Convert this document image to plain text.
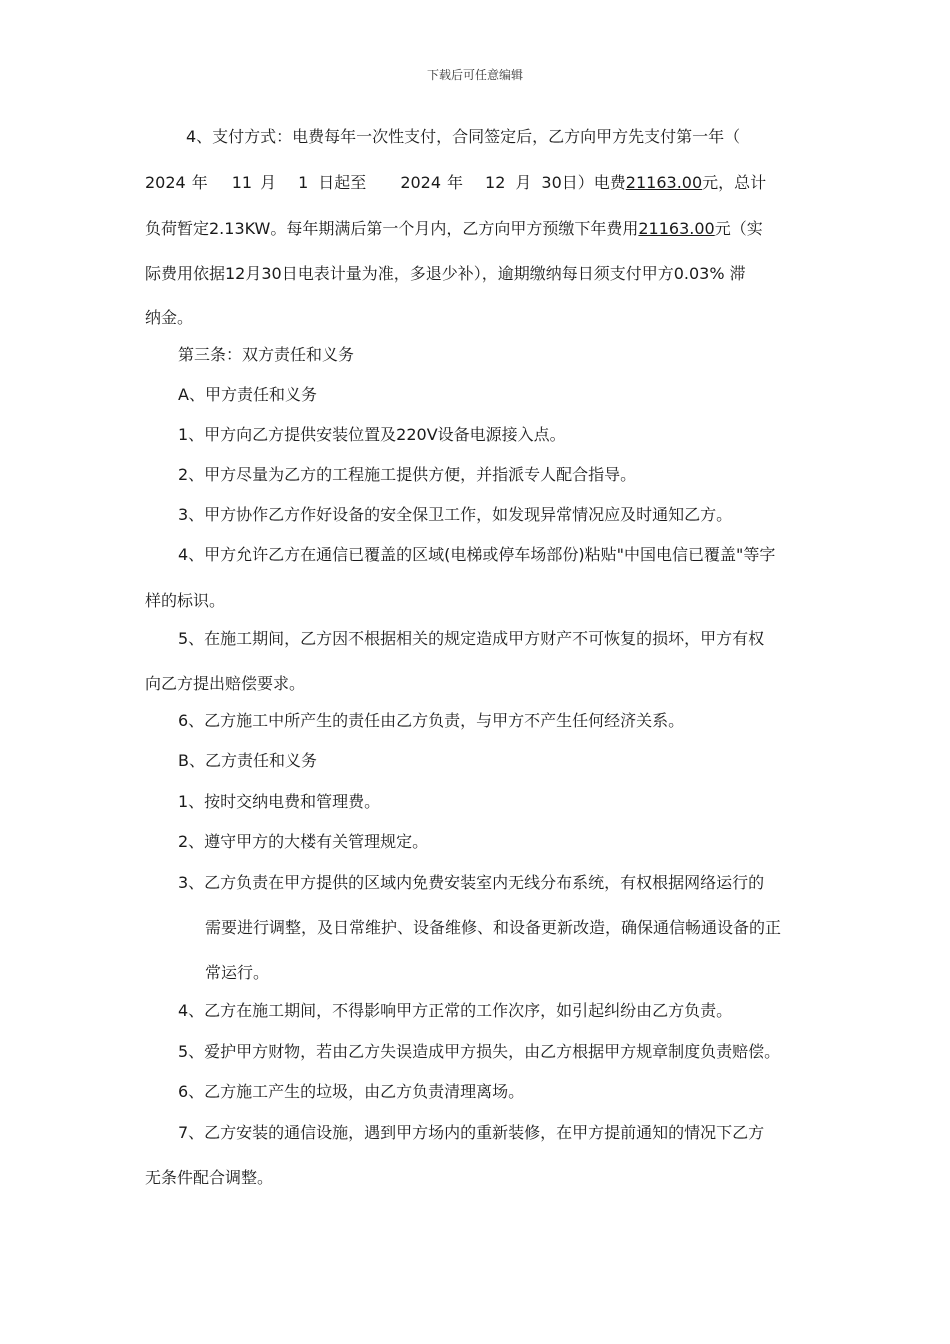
下载后可任意编辑
4、支付方式：电费每年一次性支付，合同签定后，乙方向甲方先支付第一年（
2024 年 11 月 1 日起至 2024 年 12 月 30日）电费21163.00元，总计
负荷暂定2.13KW。每年期满后第一个月内，乙方向甲方预缴下年费用21163.00元（实
际费用依据12月30日电表计量为准，多退少补），逾期缴纳每日须支付甲方0.03% 滞
纳金。
第三条：双方责任和义务
A、甲方责任和义务
1、甲方向乙方提供安装位置及220V设备电源接入点。
2、甲方尽量为乙方的工程施工提供方便，并指派专人配合指导。
3、甲方协作乙方作好设备的安全保卫工作，如发现异常情况应及时通知乙方。
4、甲方允许乙方在通信已覆盖的区域(电梯或停车场部份)粘贴"中国电信已覆盖"等字
样的标识。
5、在施工期间，乙方因不根据相关的规定造成甲方财产不可恢复的损坏，甲方有权
向乙方提出赔偿要求。
6、乙方施工中所产生的责任由乙方负责，与甲方不产生任何经济关系。
B、乙方责任和义务
1、按时交纳电费和管理费。
2、遵守甲方的大楼有关管理规定。
3、乙方负责在甲方提供的区域内免费安装室内无线分布系统，有权根据网络运行的
需要进行调整，及日常维护、设备维修、和设备更新改造，确保通信畅通设备的正
常运行。
4、乙方在施工期间，不得影响甲方正常的工作次序，如引起纠纷由乙方负责。
5、爱护甲方财物，若由乙方失误造成甲方损失，由乙方根据甲方规章制度负责赔偿。
6、乙方施工产生的垃圾，由乙方负责清理离场。
7、乙方安装的通信设施，遇到甲方场内的重新装修，在甲方提前通知的情况下乙方
无条件配合调整。
